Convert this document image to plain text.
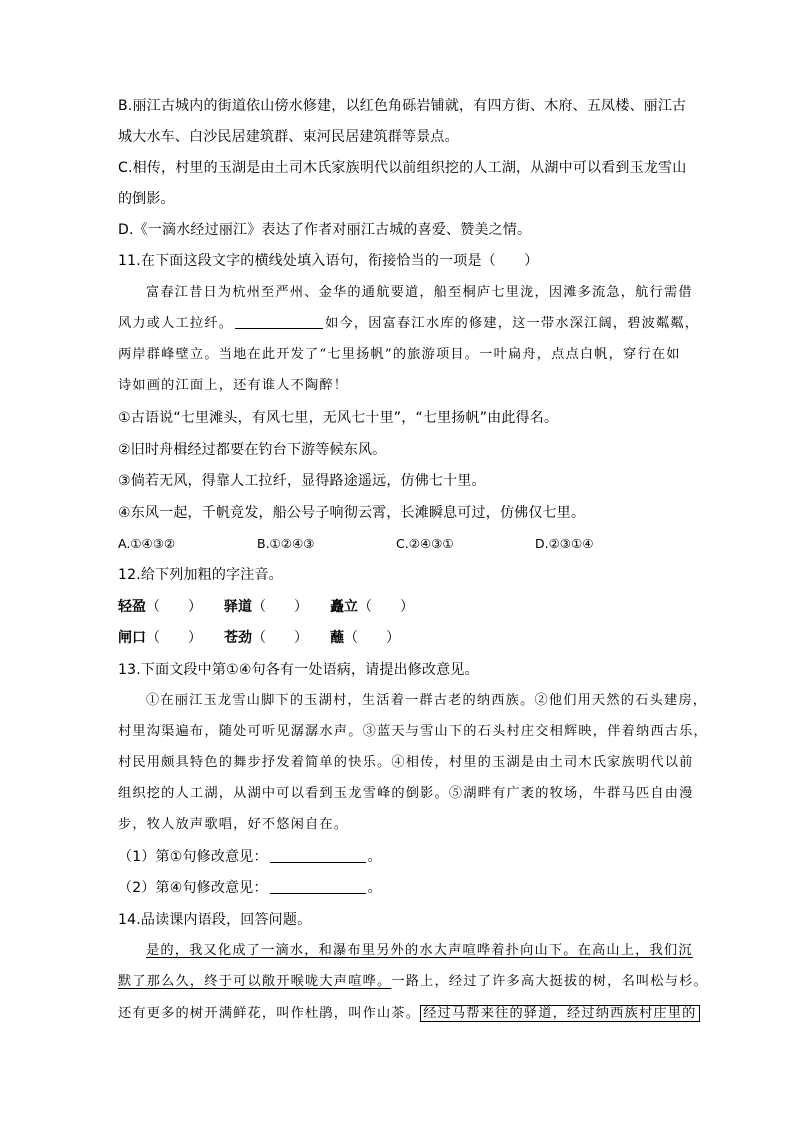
B.丽江古城内的街道依山傍水修建，以红色角砾岩铺就，有四方街、木府、五凤楼、丽江古
城大水车、白沙民居建筑群、束河民居建筑群等景点。
C.相传，村里的玉湖是由土司木氏家族明代以前组织挖的人工湖，从湖中可以看到玉龙雪山
的倒影。
D.《一滴水经过丽江》表达了作者对丽江古城的喜爱、赞美之情。
11.在下面这段文字的横线处填入语句，衔接恰当的一项是（　　）
富春江昔日为杭州至严州、金华的通航要道，船至桐庐七里泷，因滩多流急，航行需借
风力或人工拉纤。	如今，因富春江水库的修建，这一带水深江阔，碧波粼粼，
两岸群峰壁立。当地在此开发了“七里扬帆”的旅游项目。一叶扁舟，点点白帆，穿行在如
诗如画的江面上，还有谁人不陶醉！
①古语说“七里滩头，有风七里，无风七十里”，“七里扬帆”由此得名。
②旧时舟楫经过都要在钓台下游等候东风。
③倘若无风，得靠人工拉纤，显得路途遥远，仿佛七十里。
④东风一起，千帆竞发，船公号子响彻云霄，长滩瞬息可过，仿佛仅七里。
A.①④③②	B.①②④③	C.②④③①	D.②③①④
12.给下列加粗的字注音。
轻盈（　　） 驿道（　　） 矗立（　　）
闸口（　　） 苍劲（　　） 蘸（　　）
13.下面文段中第①④句各有一处语病，请提出修改意见。
①在丽江玉龙雪山脚下的玉湖村，生活着一群古老的纳西族。②他们用天然的石头建房，
村里沟渠遍布，随处可听见潺潺水声。③蓝天与雪山下的石头村庄交相辉映，伴着纳西古乐，
村民用颇具特色的舞步抒发着简单的快乐。④相传，村里的玉湖是由土司木氏家族明代以前
组织挖的人工湖，从湖中可以看到玉龙雪峰的倒影。⑤湖畔有广袤的牧场，牛群马匹自由漫
步，牧人放声歌唱，好不悠闲自在。
（1）第①句修改意见：	。
（2）第④句修改意见：	。
14.品读课内语段，回答问题。
是的，我又化成了一滴水，和瀑布里另外的水大声喧哗着扑向山下。在高山上，我们沉
默了那么久，终于可以敞开喉咙大声喧哗。一路上，经过了许多高大挺拔的树，名叫松与杉。
还有更多的树开满鲜花，叫作杜鹃，叫作山茶。 经过马帮来往的驿道，经过纳西族村庄里的
